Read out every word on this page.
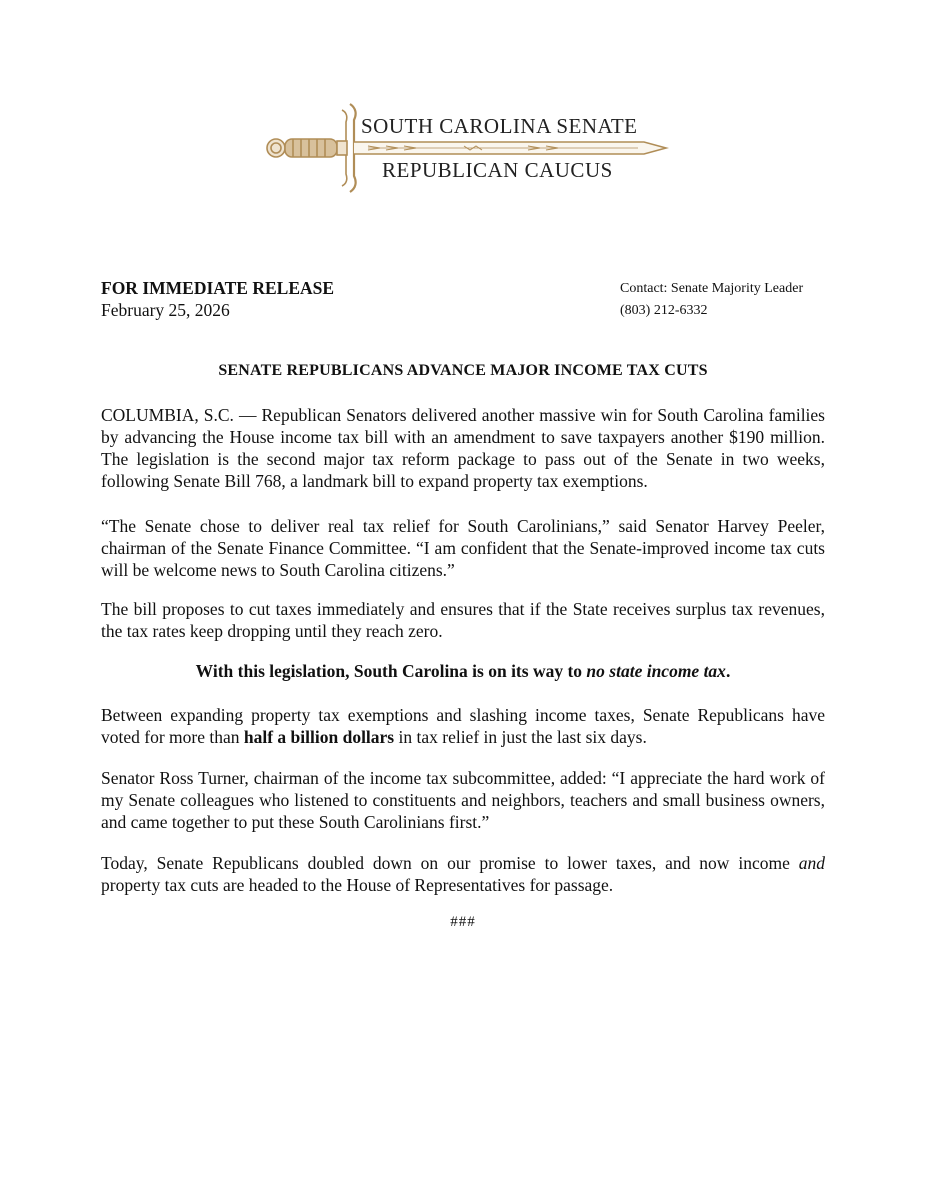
SOUTH CAROLINA SENATE
REPUBLICAN CAUCUS
FOR IMMEDIATE RELEASE
February 25, 2026
Contact: Senate Majority Leader
(803) 212-6332
SENATE REPUBLICANS ADVANCE MAJOR INCOME TAX CUTS
COLUMBIA, S.C. — Republican Senators delivered another massive win for South Carolina families by advancing the House income tax bill with an amendment to save taxpayers another $190 million. The legislation is the second major tax reform package to pass out of the Senate in two weeks, following Senate Bill 768, a landmark bill to expand property tax exemptions.
“The Senate chose to deliver real tax relief for South Carolinians,” said Senator Harvey Peeler, chairman of the Senate Finance Committee. “I am confident that the Senate-improved income tax cuts will be welcome news to South Carolina citizens.”
The bill proposes to cut taxes immediately and ensures that if the State receives surplus tax revenues, the tax rates keep dropping until they reach zero.
With this legislation, South Carolina is on its way to no state income tax.
Between expanding property tax exemptions and slashing income taxes, Senate Republicans have voted for more than half a billion dollars in tax relief in just the last six days.
Senator Ross Turner, chairman of the income tax subcommittee, added: “I appreciate the hard work of my Senate colleagues who listened to constituents and neighbors, teachers and small business owners, and came together to put these South Carolinians first.”
Today, Senate Republicans doubled down on our promise to lower taxes, and now income and property tax cuts are headed to the House of Representatives for passage.
###
